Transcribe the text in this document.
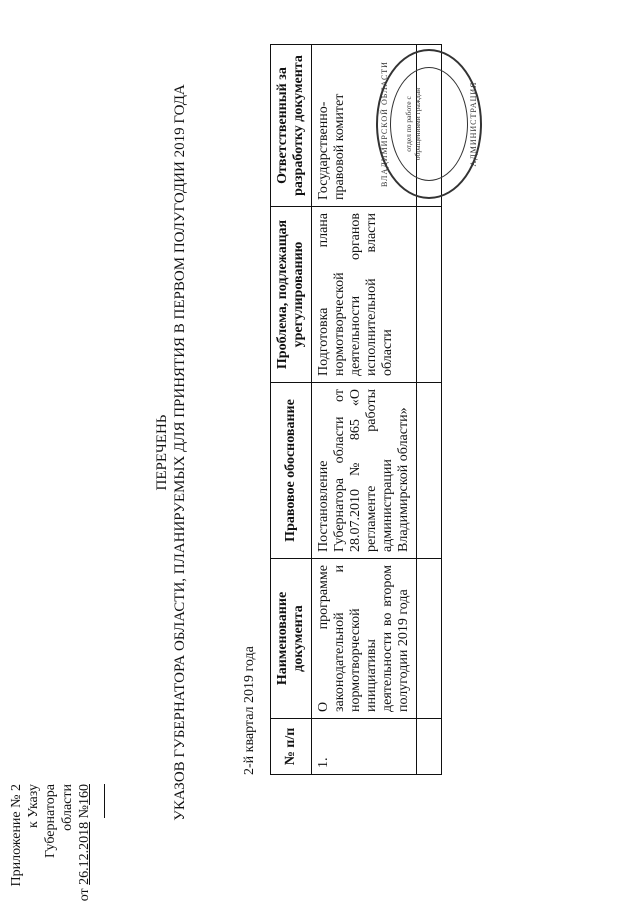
Приложение № 2 к Указу Губернатора области
от 26.12.2018 №160
ПЕРЕЧЕНЬ УКАЗОВ ГУБЕРНАТОРА ОБЛАСТИ, ПЛАНИРУЕМЫХ ДЛЯ ПРИНЯТИЯ В ПЕРВОМ ПОЛУГОДИИ 2019 ГОДА	2-й квартал 2019 года № п/п	Наименование документа	Правовое обоснование	Проблема, подлежащая урегулированию	Ответственный за разработку документа
1.	О программе законодательной и нормотворческой инициативы деятельности во втором полугодии 2019 года	Постановление Губернатора области от 28.07.2010 № 865 «О регламенте работы администрации Владимирской области»	Подготовка плана нормотворческой деятельности органов исполнительной власти области	Государственно-правовой комитет
					ВЛАДИМИРСКОЙ ОБЛАСТИ отдел по работе с обращениями граждан	АДМИНИСТРАЦИЯ
